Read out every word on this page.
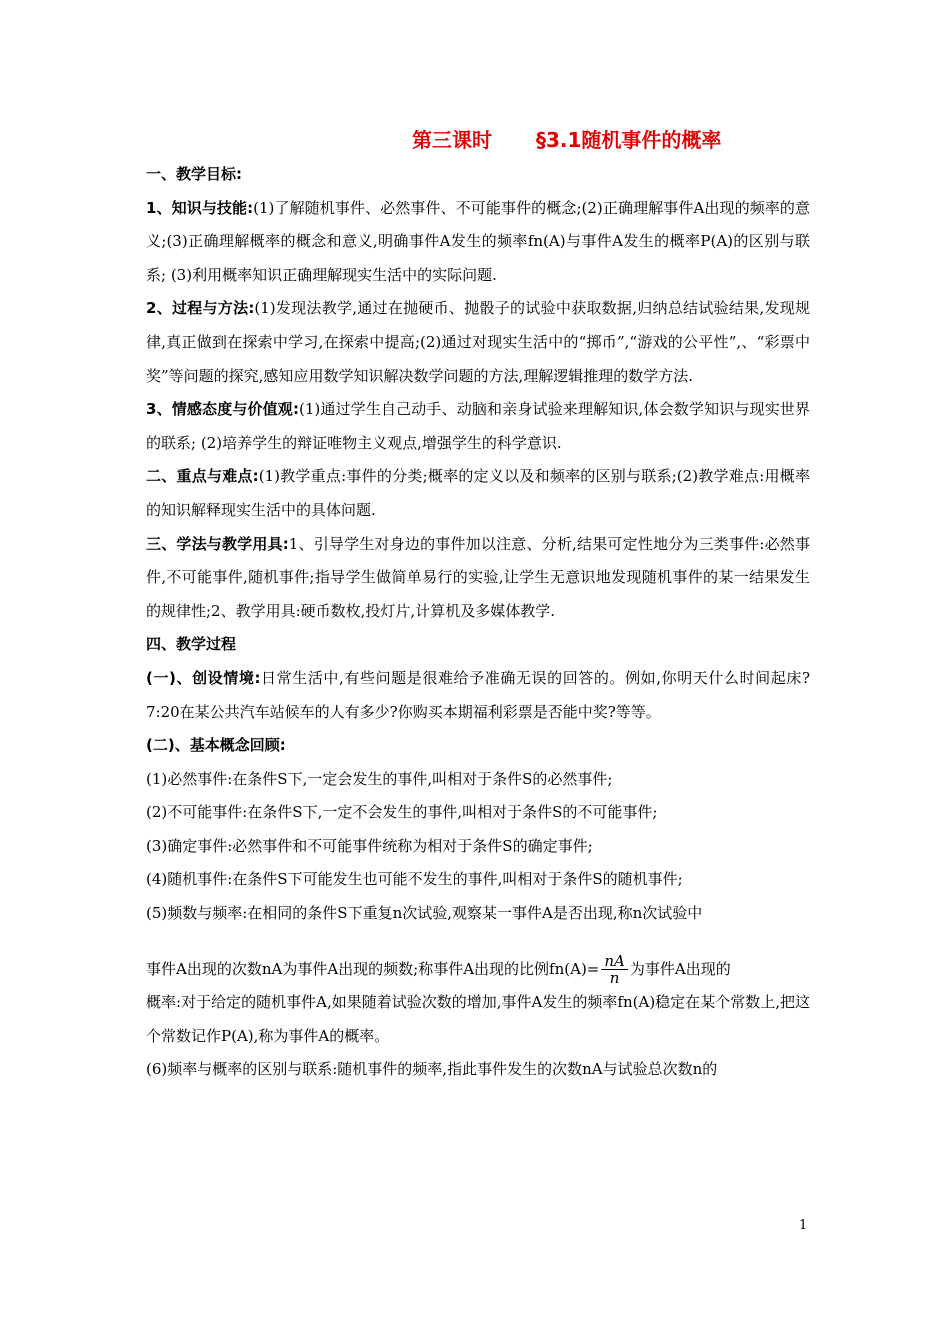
第三课时 §3.1随机事件的概率

一、教学目标:

1、知识与技能:(1)了解随机事件、必然事件、不可能事件的概念;(2)正确理解事件A出现的频率的意义;(3)正确理解概率的概念和意义,明确事件A发生的频率fn(A)与事件A发生的概率P(A)的区别与联系; (3)利用概率知识正确理解现实生活中的实际问题.

2、过程与方法:(1)发现法教学,通过在抛硬币、抛骰子的试验中获取数据,归纳总结试验结果,发现规律,真正做到在探索中学习,在探索中提高;(2)通过对现实生活中的“掷币”,“游戏的公平性”,、“彩票中奖”等问题的探究,感知应用数学知识解决数学问题的方法,理解逻辑推理的数学方法.

3、情感态度与价值观:(1)通过学生自己动手、动脑和亲身试验来理解知识,体会数学知识与现实世界的联系; (2)培养学生的辩证唯物主义观点,增强学生的科学意识.

二、重点与难点:(1)教学重点:事件的分类;概率的定义以及和频率的区别与联系;(2)教学难点:用概率的知识解释现实生活中的具体问题.

三、学法与教学用具:1、引导学生对身边的事件加以注意、分析,结果可定性地分为三类事件:必然事件,不可能事件,随机事件;指导学生做简单易行的实验,让学生无意识地发现随机事件的某一结果发生的规律性;2、教学用具:硬币数枚,投灯片,计算机及多媒体教学.

四、教学过程

(一)、创设情境:日常生活中,有些问题是很难给予准确无误的回答的。例如,你明天什么时间起床?7:20在某公共汽车站候车的人有多少?你购买本期福利彩票是否能中奖?等等。

(二)、基本概念回顾:

(1)必然事件:在条件S下,一定会发生的事件,叫相对于条件S的必然事件;

(2)不可能事件:在条件S下,一定不会发生的事件,叫相对于条件S的不可能事件;

(3)确定事件:必然事件和不可能事件统称为相对于条件S的确定事件;

(4)随机事件:在条件S下可能发生也可能不发生的事件,叫相对于条件S的随机事件;

(5)频数与频率:在相同的条件S下重复n次试验,观察某一事件A是否出现,称n次试验中

事件A出现的次数nA为事件A出现的频数;称事件A出现的比例$fn(A)= \frac{nA}{n}$ 为事件A出现的

概率:对于给定的随机事件A,如果随着试验次数的增加,事件A发生的频率fn(A)稳定在某个常数上,把这个常数记作P(A),称为事件A的概率。

(6)频率与概率的区别与联系:随机事件的频率,指此事件发生的次数nA与试验总次数n的

1
